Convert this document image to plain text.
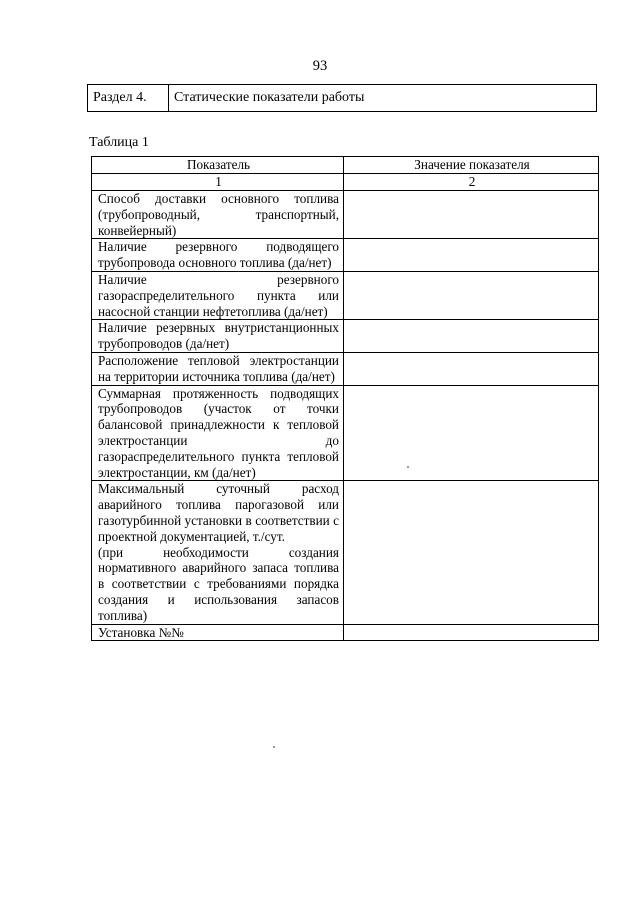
93
Раздел 4.	Статические показатели работы
Таблица 1
Показатель	Значение показателя
1	2

Способ доставки основного топлива (трубопроводный, транспортный, конвейерный)	

Наличие резервного подводящего трубопровода основного топлива (да/нет)	

Наличие резервного газораспределительного пункта или насосной станции нефтетоплива (да/нет)	

Наличие резервных внутристанционных трубопроводов (да/нет)	

Расположение тепловой электростанции на территории источника топлива (да/нет)	

Суммарная протяженность подводящих трубопроводов (участок от точки балансовой принадлежности к тепловой электростанции до газораспределительного пункта тепловой электростанции, км (да/нет)	

Максимальный суточный расход аварийного топлива парогазовой или газотурбинной установки в соответствии с проектной документацией, т./сут.
(при необходимости создания нормативного аварийного запаса топлива в соответствии с требованиями порядка создания и использования запасов топлива)	

Установка №№	
